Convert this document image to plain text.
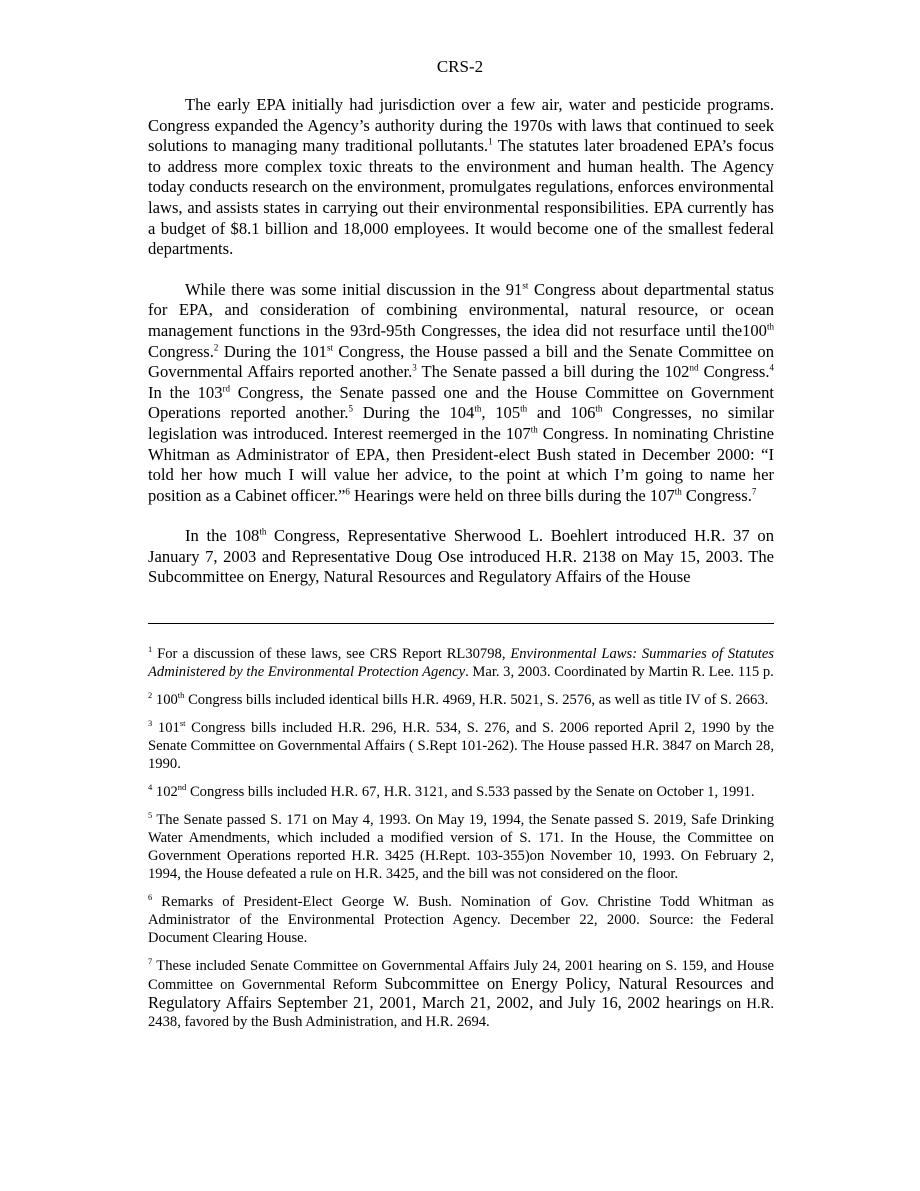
CRS-2

The early EPA initially had jurisdiction over a few air, water and pesticide programs. Congress expanded the Agency’s authority during the 1970s with laws that continued to seek solutions to managing many traditional pollutants.$^1$ The statutes later broadened EPA’s focus to address more complex toxic threats to the environment and human health. The Agency today conducts research on the environment, promulgates regulations, enforces environmental laws, and assists states in carrying out their environmental responsibilities. EPA currently has a budget of $8.1 billion and 18,000 employees. It would become one of the smallest federal departments.

While there was some initial discussion in the 91st Congress about departmental status for EPA, and consideration of combining environmental, natural resource, or ocean management functions in the 93rd-95th Congresses, the idea did not resurface until the100th Congress.$^2$ During the 101st Congress, the House passed a bill and the Senate Committee on Governmental Affairs reported another.$^3$ The Senate passed a bill during the 102nd Congress.$^4$ In the 103rd Congress, the Senate passed one and the House Committee on Government Operations reported another.$^5$ During the 104th, 105th and 106th Congresses, no similar legislation was introduced. Interest reemerged in the 107th Congress. In nominating Christine Whitman as Administrator of EPA, then President-elect Bush stated in December 2000: “I told her how much I will value her advice, to the point at which I’m going to name her position as a Cabinet officer.”$^6$ Hearings were held on three bills during the 107th Congress.$^7$

In the 108th Congress, Representative Sherwood L. Boehlert introduced H.R. 37 on January 7, 2003 and Representative Doug Ose introduced H.R. 2138 on May 15, 2003. The Subcommittee on Energy, Natural Resources and Regulatory Affairs of the House

$^1$ For a discussion of these laws, see CRS Report RL30798, Environmental Laws: Summaries of Statutes Administered by the Environmental Protection Agency. Mar. 3, 2003. Coordinated by Martin R. Lee. 115 p.

$^2$ 100th Congress bills included identical bills H.R. 4969, H.R. 5021, S. 2576, as well as title IV of S. 2663.

$^3$ 101st Congress bills included H.R. 296, H.R. 534, S. 276, and S. 2006 reported April 2, 1990 by the Senate Committee on Governmental Affairs ( S.Rept 101-262). The House passed H.R. 3847 on March 28, 1990.

$^4$ 102nd Congress bills included H.R. 67, H.R. 3121, and S.533 passed by the Senate on October 1, 1991.

$^5$ The Senate passed S. 171 on May 4, 1993. On May 19, 1994, the Senate passed S. 2019, Safe Drinking Water Amendments, which included a modified version of S. 171. In the House, the Committee on Government Operations reported H.R. 3425 (H.Rept. 103-355)on November 10, 1993. On February 2, 1994, the House defeated a rule on H.R. 3425, and the bill was not considered on the floor.

$^6$ Remarks of President-Elect George W. Bush. Nomination of Gov. Christine Todd Whitman as Administrator of the Environmental Protection Agency. December 22, 2000. Source: the Federal Document Clearing House.

$^7$ These included Senate Committee on Governmental Affairs July 24, 2001 hearing on S. 159, and House Committee on Governmental Reform Subcommittee on Energy Policy, Natural Resources and Regulatory Affairs September 21, 2001, March 21, 2002, and July 16, 2002 hearings on H.R. 2438, favored by the Bush Administration, and H.R. 2694.
